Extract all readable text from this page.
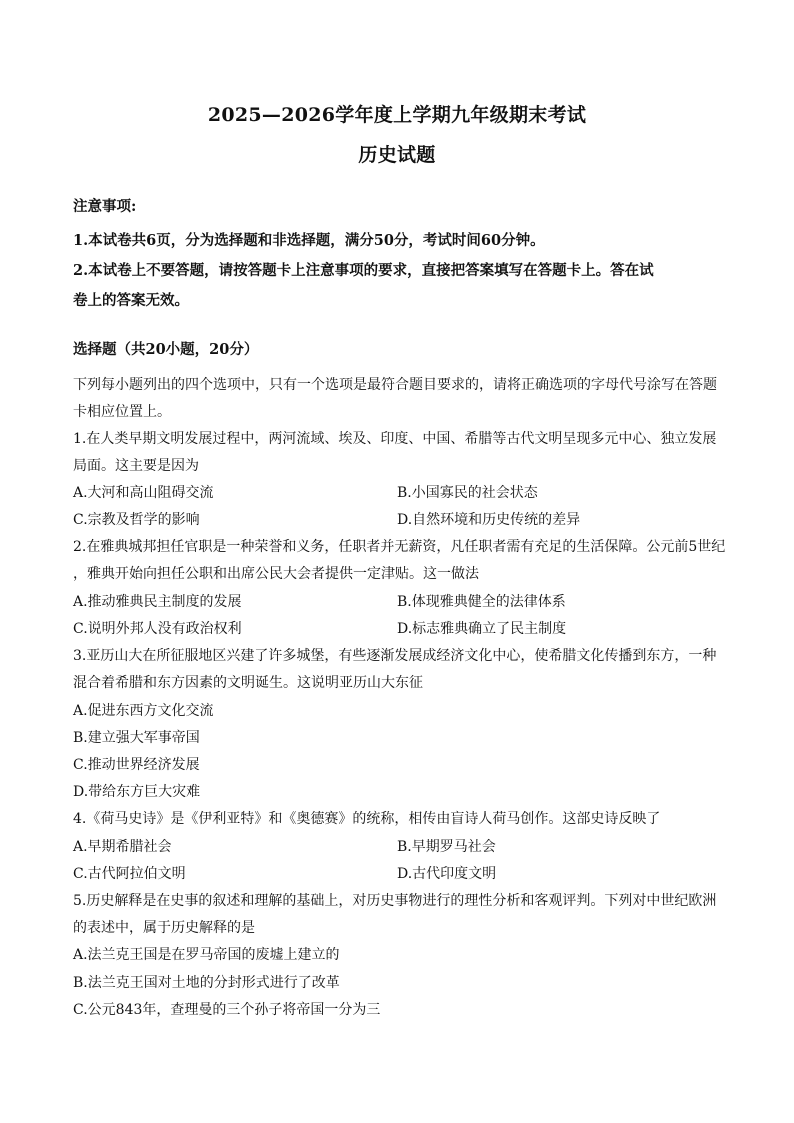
2025—2026学年度上学期九年级期末考试
历史试题
注意事项:
1.本试卷共6页，分为选择题和非选择题，满分50分，考试时间60分钟。
2.本试卷上不要答题，请按答题卡上注意事项的要求，直接把答案填写在答题卡上。答在试
卷上的答案无效。
选择题（共20小题，20分）
下列每小题列出的四个选项中，只有一个选项是最符合题目要求的，请将正确选项的字母代号涂写在答题
卡相应位置上。
1.在人类早期文明发展过程中，两河流域、埃及、印度、中国、希腊等古代文明呈现多元中心、独立发展
局面。这主要是因为
A.大河和高山阻碍交流	B.小国寡民的社会状态
C.宗教及哲学的影响	D.自然环境和历史传统的差异
2.在雅典城邦担任官职是一种荣誉和义务，任职者并无薪资，凡任职者需有充足的生活保障。公元前5世纪
，雅典开始向担任公职和出席公民大会者提供一定津贴。这一做法
A.推动雅典民主制度的发展	B.体现雅典健全的法律体系
C.说明外邦人没有政治权利	D.标志雅典确立了民主制度
3.亚历山大在所征服地区兴建了许多城堡，有些逐渐发展成经济文化中心，使希腊文化传播到东方，一种
混合着希腊和东方因素的文明诞生。这说明亚历山大东征
A.促进东西方文化交流
B.建立强大军事帝国
C.推动世界经济发展
D.带给东方巨大灾难
4.《荷马史诗》是《伊利亚特》和《奥德赛》的统称，相传由盲诗人荷马创作。这部史诗反映了
A.早期希腊社会	B.早期罗马社会
C.古代阿拉伯文明	D.古代印度文明
5.历史解释是在史事的叙述和理解的基础上，对历史事物进行的理性分析和客观评判。下列对中世纪欧洲
的表述中，属于历史解释的是
A.法兰克王国是在罗马帝国的废墟上建立的
B.法兰克王国对土地的分封形式进行了改革
C.公元843年，查理曼的三个孙子将帝国一分为三
